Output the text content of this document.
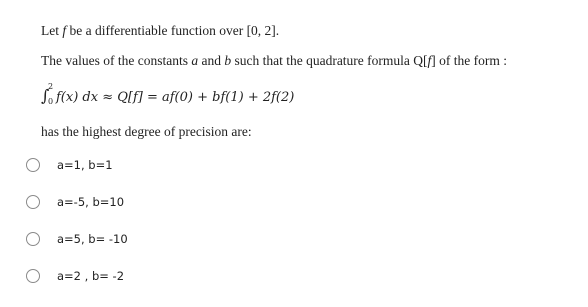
Let f be a differentiable function over [0, 2].
The values of the constants a and b such that the quadrature formula Q[f] of the form :
∫
2
0 f(x) dx ≈ Q[f] = af(0) + bf(1) + 2f(2)
has the highest degree of precision are:
a=1, b=1
a=-5, b=10
a=5, b= -10
a=2 , b= -2
